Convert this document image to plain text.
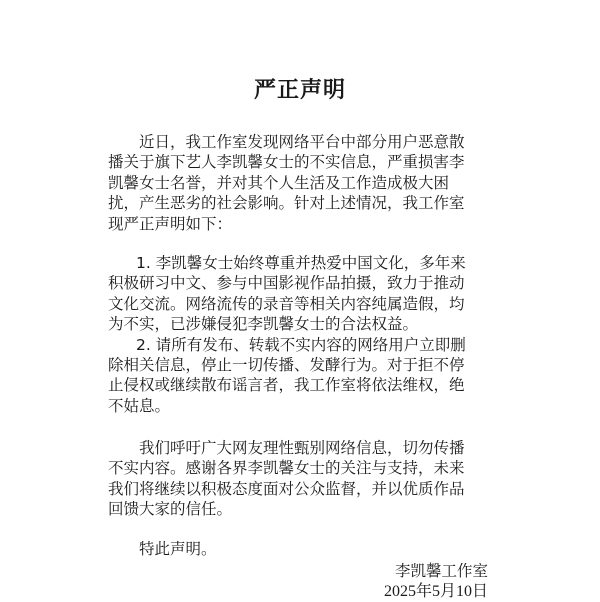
严正声明

近日，我工作室发现网络平台中部分用户恶意散
播关于旗下艺人李凯馨女士的不实信息，严重损害李
凯馨女士名誉，并对其个人生活及工作造成极大困
扰，产生恶劣的社会影响。针对上述情况，我工作室
现严正声明如下：

1. 李凯馨女士始终尊重并热爱中国文化，多年来
积极研习中文、参与中国影视作品拍摄，致力于推动
文化交流。网络流传的录音等相关内容纯属造假，均
为不实，已涉嫌侵犯李凯馨女士的合法权益。
2. 请所有发布、转载不实内容的网络用户立即删
除相关信息，停止一切传播、发酵行为。对于拒不停
止侵权或继续散布谣言者，我工作室将依法维权，绝
不姑息。

我们呼吁广大网友理性甄别网络信息，切勿传播
不实内容。感谢各界李凯馨女士的关注与支持，未来
我们将继续以积极态度面对公众监督，并以优质作品
回馈大家的信任。

特此声明。

李凯馨工作室
2025年5月10日
